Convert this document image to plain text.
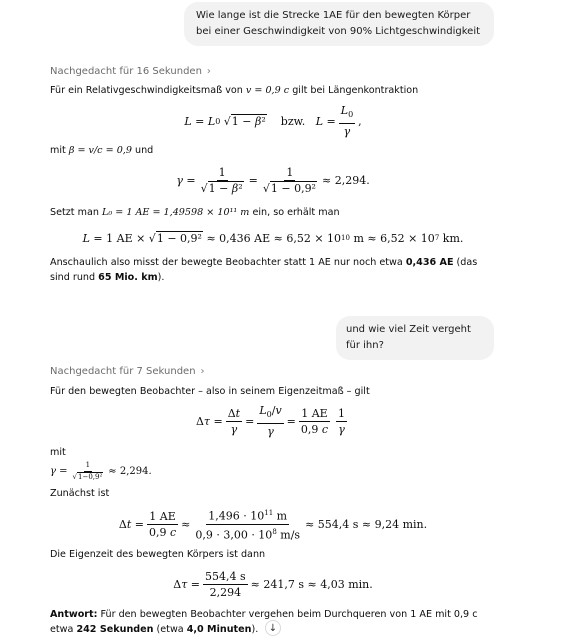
Wie lange ist die Strecke 1AE für den bewegten Körper bei einer Geschwindigkeit von 90% Lichtgeschwindigkeit
Nachgedacht für 16 Sekunden ›
Für ein Relativgeschwindigkeitsmaß von v = 0,9 c gilt bei Längenkontraktion
L = L 0 √ 1 − β² bzw. $L = \frac{L_0}{\gamma}$ ,
mit β = v/c = 0,9 und
$\gamma = \frac{1}{\text{√1 − β²}} = \frac{1}{\text{√1 − 0,9²}} \approx 2,294$.
Setzt man L₀ = 1 AE = 1,49598 × 10¹¹ m ein, so erhält man
L = 1 AE × √ 1 − 0,9² ≈ 0,436 AE ≈ 6,52 × 10 10 m ≈ 6,52 × 10 7 km.
Anschaulich also misst der bewegte Beobachter statt 1 AE nur noch etwa 0,436 AE (das sind rund 65 Mio. km).
und wie viel Zeit vergeht für ihn?
Nachgedacht für 7 Sekunden ›
Für den bewegten Beobachter – also in seinem Eigenzeitmaß – gilt
Δ $\tau = \frac{\Delta t}{\gamma} = \frac{L_0/v}{\gamma} = \frac{1 AE}{0,9 c} \frac{1}{\gamma}$
mit
$\gamma = \frac{1}{\text{√1−0,9²}} \approx 2,294$.
Zunächst ist
Δ $t = \frac{1 AE}{0,9 c} \approx \frac{1,496 \cdot 10^{11} m}{0,9 \cdot 3,00 \cdot 10^8 m/s} \approx 554,4$ s ≈ 9,24 min.
Die Eigenzeit des bewegten Körpers ist dann
Δ $\tau = \frac{554,4 s}{2,294} \approx 241,7$ s ≈ 4,03 min.
Antwort: Für den bewegten Beobachter vergehen beim Durchqueren von 1 AE mit 0,9 c etwa 242 Sekunden (etwa 4,0 Minuten).	↓
